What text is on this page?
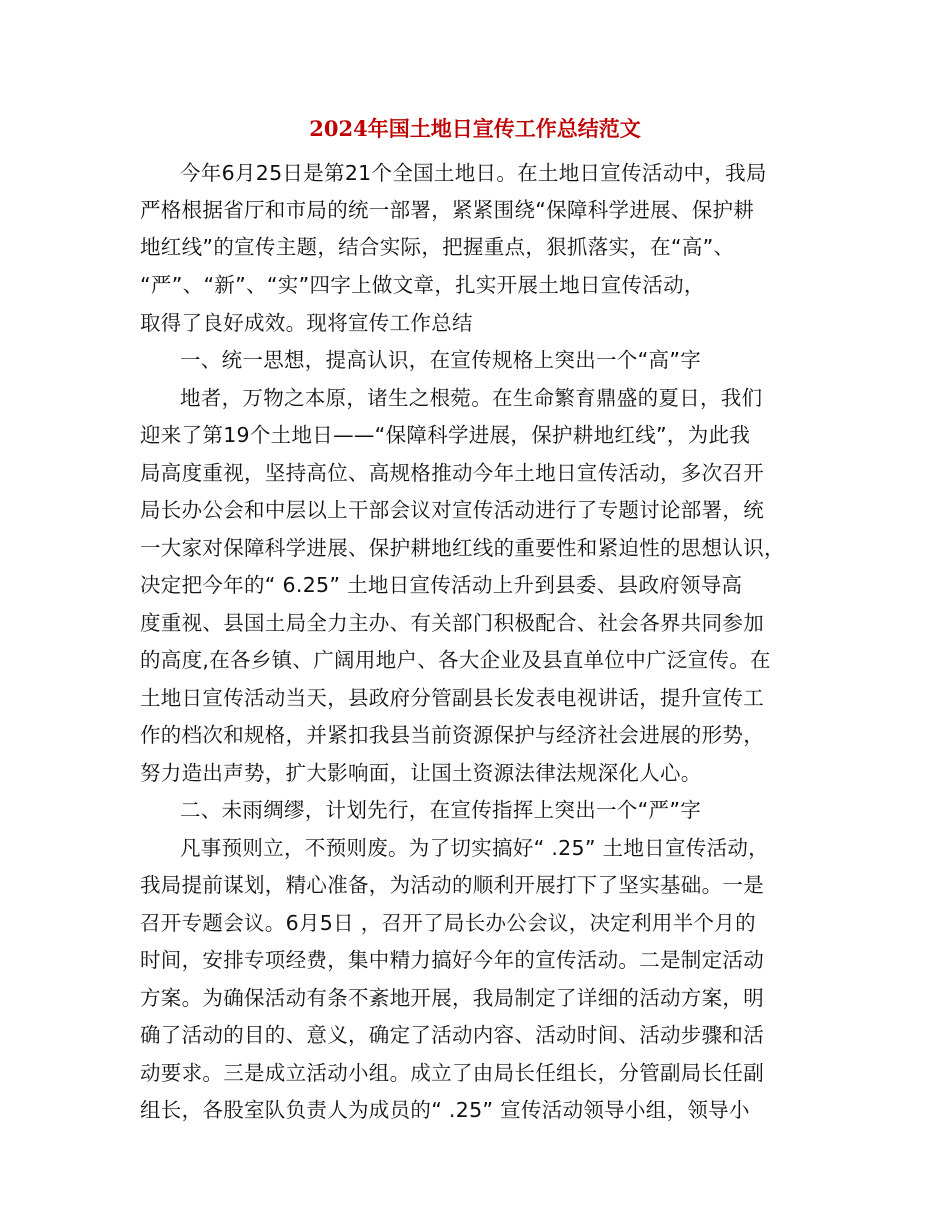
2024年国土地日宣传工作总结范文
今年6月25日是第21个全国土地日。在土地日宣传活动中，我局
严格根据省厅和市局的统一部署，紧紧围绕“保障科学进展、保护耕
地红线”的宣传主题，结合实际，把握重点，狠抓落实，在“高”、
“严”、“新”、“实”四字上做文章，扎实开展土地日宣传活动，
取得了良好成效。现将宣传工作总结
一、统一思想，提高认识，在宣传规格上突出一个“高”字
地者，万物之本原，诸生之根菀。在生命繁育鼎盛的夏日，我们
迎来了第19个土地日——“保障科学进展，保护耕地红线”，为此我
局高度重视，坚持高位、高规格推动今年土地日宣传活动，多次召开
局长办公会和中层以上干部会议对宣传活动进行了专题讨论部署，统
一大家对保障科学进展、保护耕地红线的重要性和紧迫性的思想认识，
决定把今年的“ 6.25” 土地日宣传活动上升到县委、县政府领导高
度重视、县国土局全力主办、有关部门积极配合、社会各界共同参加
的高度,在各乡镇、广阔用地户、各大企业及县直单位中广泛宣传。在
土地日宣传活动当天，县政府分管副县长发表电视讲话，提升宣传工
作的档次和规格，并紧扣我县当前资源保护与经济社会进展的形势，
努力造出声势，扩大影响面，让国土资源法律法规深化人心。
二、未雨绸缪，计划先行，在宣传指挥上突出一个“严”字
凡事预则立，不预则废。为了切实搞好“ .25” 土地日宣传活动，
我局提前谋划，精心准备，为活动的顺利开展打下了坚实基础。一是
召开专题会议。6月5日 ，召开了局长办公会议，决定利用半个月的
时间，安排专项经费，集中精力搞好今年的宣传活动。二是制定活动
方案。为确保活动有条不紊地开展，我局制定了详细的活动方案，明
确了活动的目的、意义，确定了活动内容、活动时间、活动步骤和活
动要求。三是成立活动小组。成立了由局长任组长，分管副局长任副
组长，各股室队负责人为成员的“ .25” 宣传活动领导小组，领导小
